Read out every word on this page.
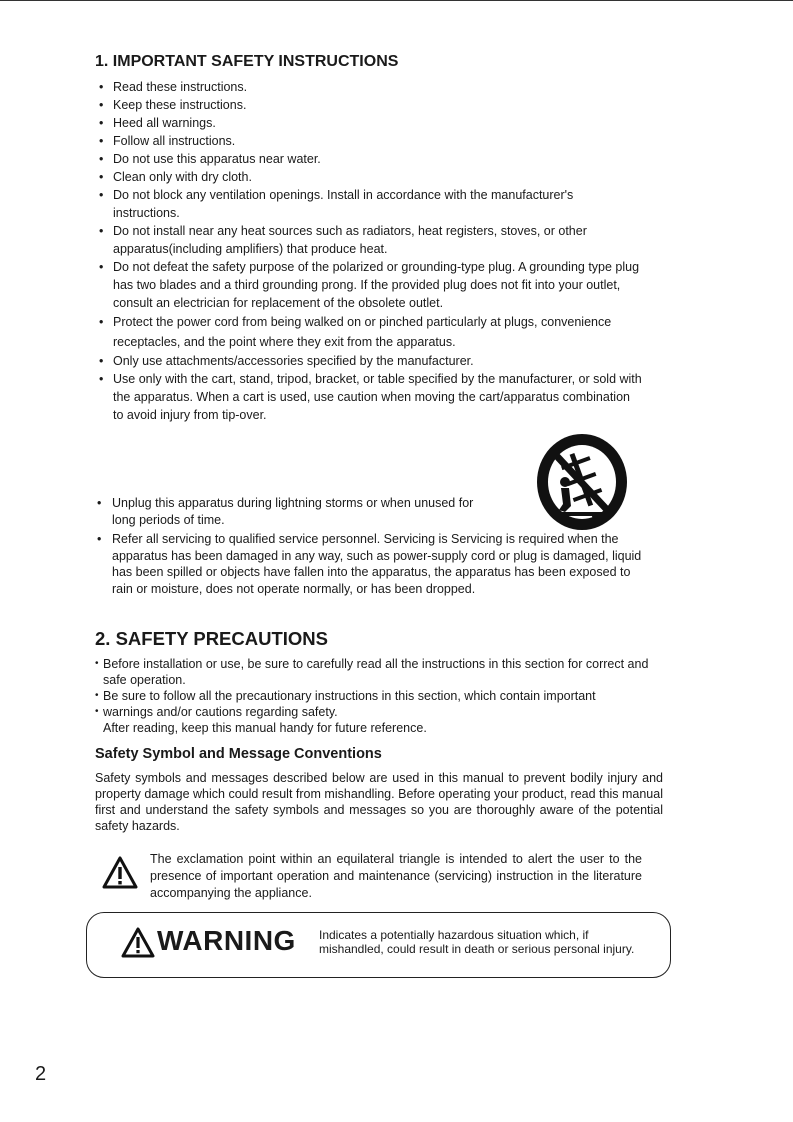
1. IMPORTANT SAFETY INSTRUCTIONS
• Read these instructions.
• Keep these instructions.
• Heed all warnings.
• Follow all instructions.
• Do not use this apparatus near water.
• Clean only with dry cloth.
• Do not block any ventilation openings. Install in accordance with the manufacturer's instructions.
• Do not install near any heat sources such as radiators, heat registers, stoves, or other apparatus(including amplifiers) that produce heat.
• Do not defeat the safety purpose of the polarized or grounding-type plug. A grounding type plug has two blades and a third grounding prong. If the provided plug does not fit into your outlet, consult an electrician for replacement of the obsolete outlet.
• Protect the power cord from being walked on or pinched particularly at plugs, convenience receptacles, and the point where they exit from the apparatus.
• Only use attachments/accessories specified by the manufacturer.
• Use only with the cart, stand, tripod, bracket, or table specified by the manufacturer, or sold with the apparatus. When a cart is used, use caution when moving the cart/apparatus combination to avoid injury from tip-over.
• Unplug this apparatus during lightning storms or when unused for long periods of time.
• Refer all servicing to qualified service personnel. Servicing is Servicing is required when the apparatus has been damaged in any way, such as power-supply cord or plug is damaged, liquid has been spilled or objects have fallen into the apparatus, the apparatus has been exposed to rain or moisture, does not operate normally, or has been dropped.
2. SAFETY PRECAUTIONS
• Before installation or use, be sure to carefully read all the instructions in this section for correct and safe operation.
• Be sure to follow all the precautionary instructions in this section, which contain important
• warnings and/or cautions regarding safety.
After reading, keep this manual handy for future reference.
Safety Symbol and Message Conventions

Safety symbols and messages described below are used in this manual to prevent bodily injury and property damage which could result from mishandling. Before operating your product, read this manual first and understand the safety symbols and messages so you are thoroughly aware of the potential safety hazards.

The exclamation point within an equilateral triangle is intended to alert the user to the presence of important operation and maintenance (servicing) instruction in the literature accompanying the appliance.

WARNING Indicates a potentially hazardous situation which, if mishandled, could result in death or serious personal injury.
2
